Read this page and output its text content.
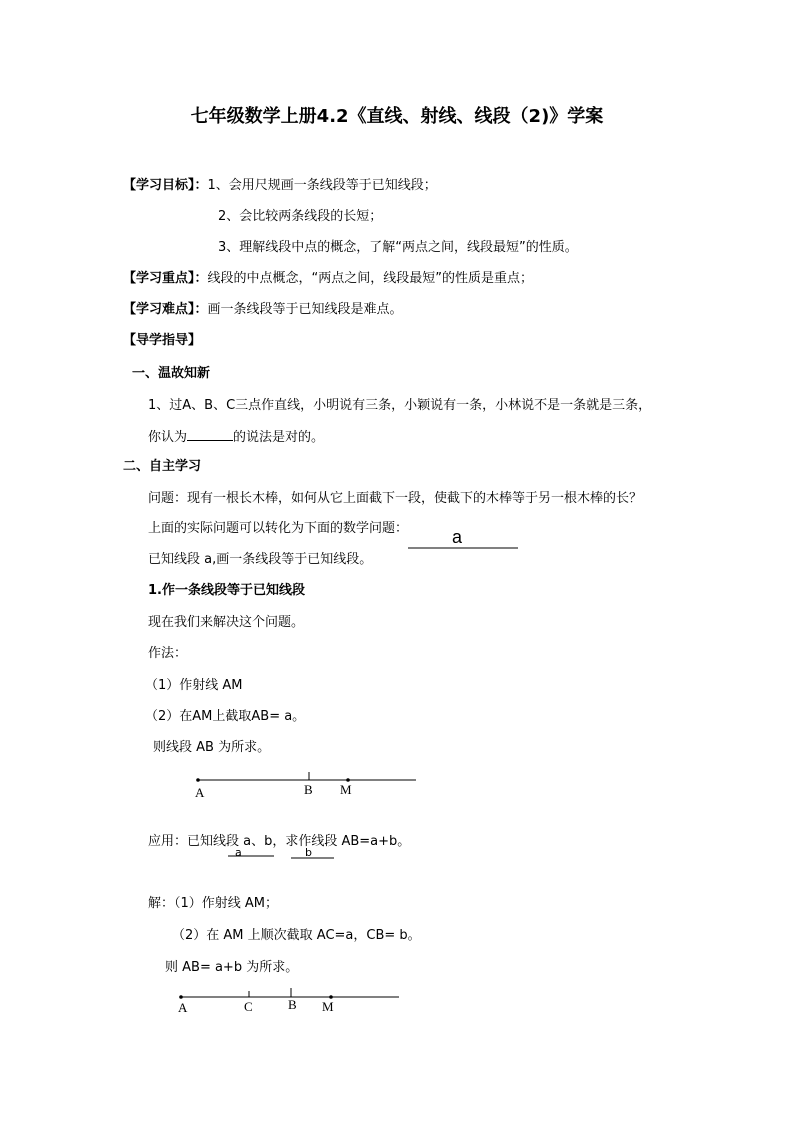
七年级数学上册4.2《直线、射线、线段（2)》学案
【学习目标】：1、会用尺规画一条线段等于已知线段；
2、会比较两条线段的长短；
3、理解线段中点的概念，了解“两点之间，线段最短”的性质。
【学习重点】：线段的中点概念，“两点之间，线段最短”的性质是重点；
【学习难点】：画一条线段等于已知线段是难点。
【导学指导】
一、温故知新
1、过A、B、C三点作直线，小明说有三条，小颖说有一条，小林说不是一条就是三条，
你认为	的说法是对的。
二、自主学习
问题：现有一根长木棒，如何从它上面截下一段，使截下的木棒等于另一根木棒的长？
上面的实际问题可以转化为下面的数学问题：
已知线段 a,画一条线段等于已知线段。
a
1.作一条线段等于已知线段
现在我们来解决这个问题。
作法：
（1）作射线 AM
（2）在AM上截取AB= a。
则线段 AB 为所求。
A	B M
应用：已知线段 a、b，求作线段 AB=a+b。
a	b
解：（1）作射线 AM；
（2）在 AM 上顺次截取 AC=a，CB= b。
则 AB= a+b 为所求。
A	C	B M
